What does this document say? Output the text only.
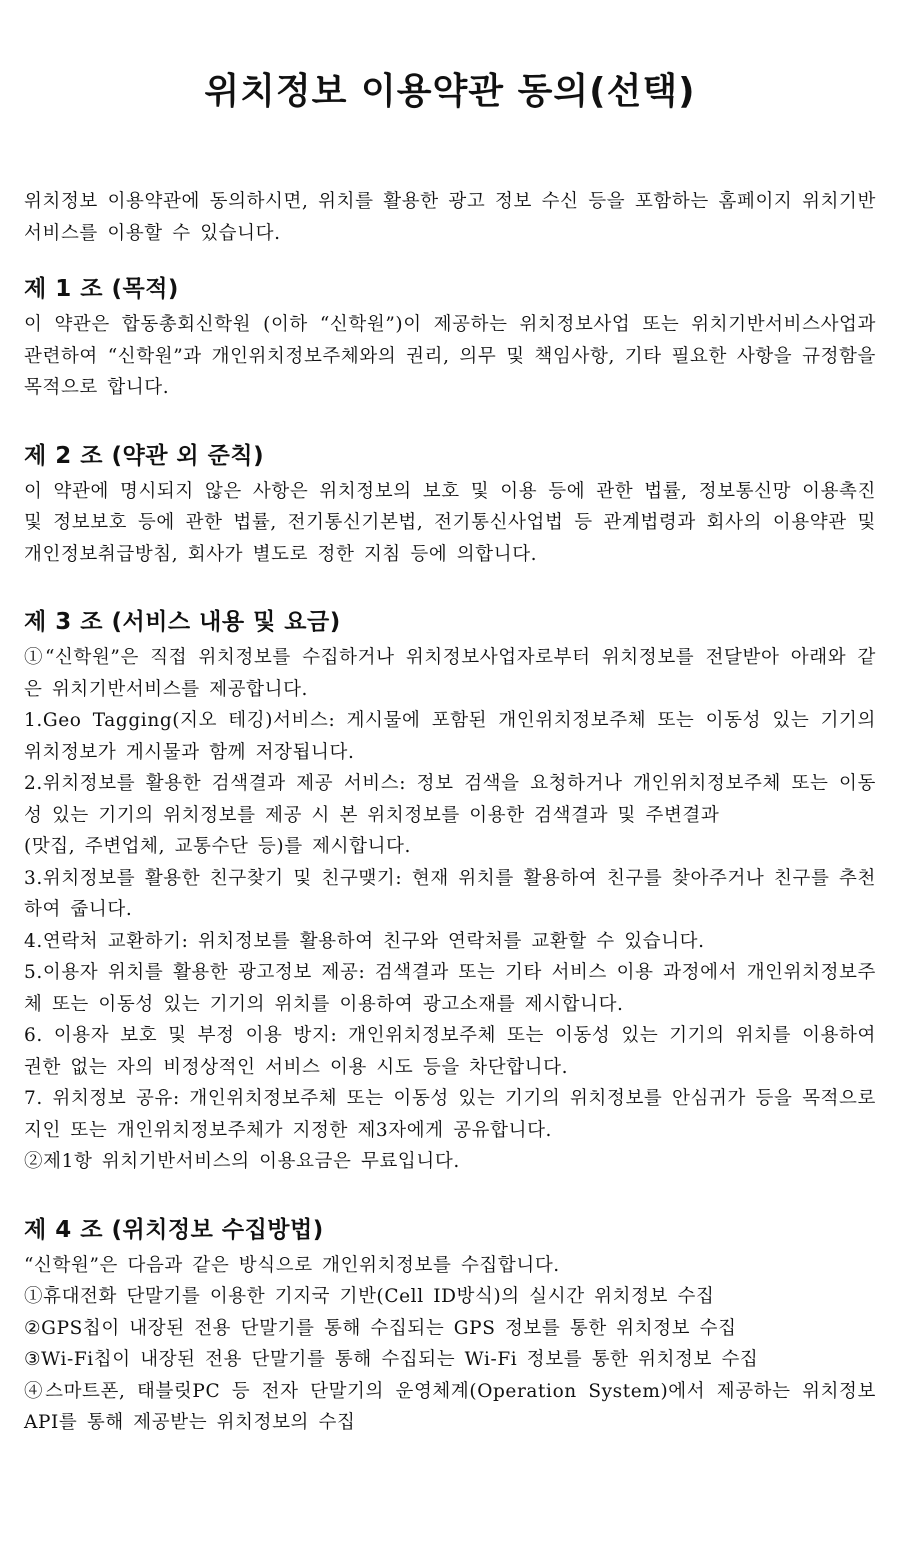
위치정보 이용약관 동의(선택)

위치정보 이용약관에 동의하시면, 위치를 활용한 광고 정보 수신 등을 포함하는 홈페이지 위치기반 서비스를 이용할 수 있습니다.

제 1 조 (목적)
이 약관은 합동총회신학원 (이하 “신학원”)이 제공하는 위치정보사업 또는 위치기반서비스사업과 관련하여 “신학원”과 개인위치정보주체와의 권리, 의무 및 책임사항, 기타 필요한 사항을 규정함을 목적으로 합니다.
제 2 조 (약관 외 준칙)
이 약관에 명시되지 않은 사항은 위치정보의 보호 및 이용 등에 관한 법률, 정보통신망 이용촉진 및 정보보호 등에 관한 법률, 전기통신기본법, 전기통신사업법 등 관계법령과 회사의 이용약관 및 개인정보취급방침, 회사가 별도로 정한 지침 등에 의합니다.
제 3 조 (서비스 내용 및 요금)
①“신학원”은 직접 위치정보를 수집하거나 위치정보사업자로부터 위치정보를 전달받아 아래와 같은 위치기반서비스를 제공합니다.
1.Geo Tagging(지오 테깅)서비스: 게시물에 포함된 개인위치정보주체 또는 이동성 있는 기기의 위치정보가 게시물과 함께 저장됩니다.
2.위치정보를 활용한 검색결과 제공 서비스: 정보 검색을 요청하거나 개인위치정보주체 또는 이동성 있는 기기의 위치정보를 제공 시 본 위치정보를 이용한 검색결과 및 주변결과
(맛집, 주변업체, 교통수단 등)를 제시합니다.
3.위치정보를 활용한 친구찾기 및 친구맺기: 현재 위치를 활용하여 친구를 찾아주거나 친구를 추천하여 줍니다.
4.연락처 교환하기: 위치정보를 활용하여 친구와 연락처를 교환할 수 있습니다.
5.이용자 위치를 활용한 광고정보 제공: 검색결과 또는 기타 서비스 이용 과정에서 개인위치정보주체 또는 이동성 있는 기기의 위치를 이용하여 광고소재를 제시합니다.
6. 이용자 보호 및 부정 이용 방지: 개인위치정보주체 또는 이동성 있는 기기의 위치를 이용하여 권한 없는 자의 비정상적인 서비스 이용 시도 등을 차단합니다.
7. 위치정보 공유: 개인위치정보주체 또는 이동성 있는 기기의 위치정보를 안심귀가 등을 목적으로 지인 또는 개인위치정보주체가 지정한 제3자에게 공유합니다.
②제1항 위치기반서비스의 이용요금은 무료입니다.
제 4 조 (위치정보 수집방법)
“신학원”은 다음과 같은 방식으로 개인위치정보를 수집합니다.
①휴대전화 단말기를 이용한 기지국 기반(Cell ID방식)의 실시간 위치정보 수집
②GPS칩이 내장된 전용 단말기를 통해 수집되는 GPS 정보를 통한 위치정보 수집
③Wi-Fi칩이 내장된 전용 단말기를 통해 수집되는 Wi-Fi 정보를 통한 위치정보 수집
④스마트폰, 태블릿PC 등 전자 단말기의 운영체계(Operation System)에서 제공하는 위치정보 API를 통해 제공받는 위치정보의 수집
